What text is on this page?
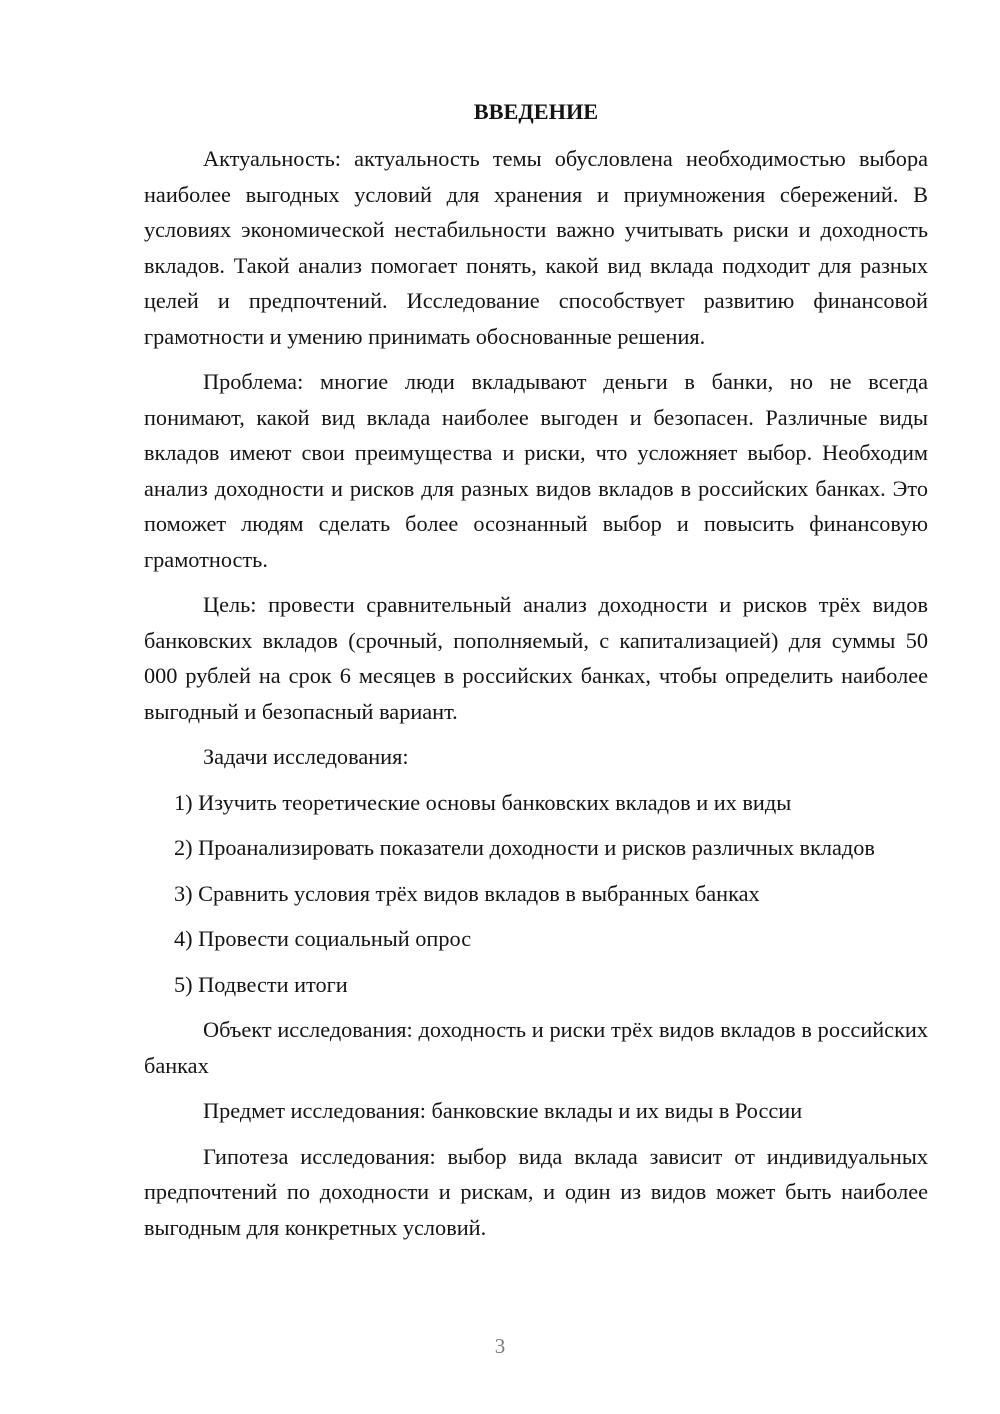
ВВЕДЕНИЕ

Актуальность: актуальность темы обусловлена необходимостью выбора наиболее выгодных условий для хранения и приумножения сбережений. В условиях экономической нестабильности важно учитывать риски и доходность вкладов. Такой анализ помогает понять, какой вид вклада подходит для разных целей и предпочтений. Исследование способствует развитию финансовой грамотности и умению принимать обоснованные решения.

Проблема: многие люди вкладывают деньги в банки, но не всегда понимают, какой вид вклада наиболее выгоден и безопасен. Различные виды вкладов имеют свои преимущества и риски, что усложняет выбор. Необходим анализ доходности и рисков для разных видов вкладов в российских банках. Это поможет людям сделать более осознанный выбор и повысить финансовую грамотность.

Цель: провести сравнительный анализ доходности и рисков трёх видов банковских вкладов (срочный, пополняемый, с капитализацией) для суммы 50 000 рублей на срок 6 месяцев в российских банках, чтобы определить наиболее выгодный и безопасный вариант.

Задачи исследования:

1) Изучить теоретические основы банковских вкладов и их виды

2) Проанализировать показатели доходности и рисков различных вкладов

3) Сравнить условия трёх видов вкладов в выбранных банках

4) Провести социальный опрос

5) Подвести итоги

Объект исследования: доходность и риски трёх видов вкладов в российских банках

Предмет исследования: банковские вклады и их виды в России

Гипотеза исследования: выбор вида вклада зависит от индивидуальных предпочтений по доходности и рискам, и один из видов может быть наиболее выгодным для конкретных условий.

3
